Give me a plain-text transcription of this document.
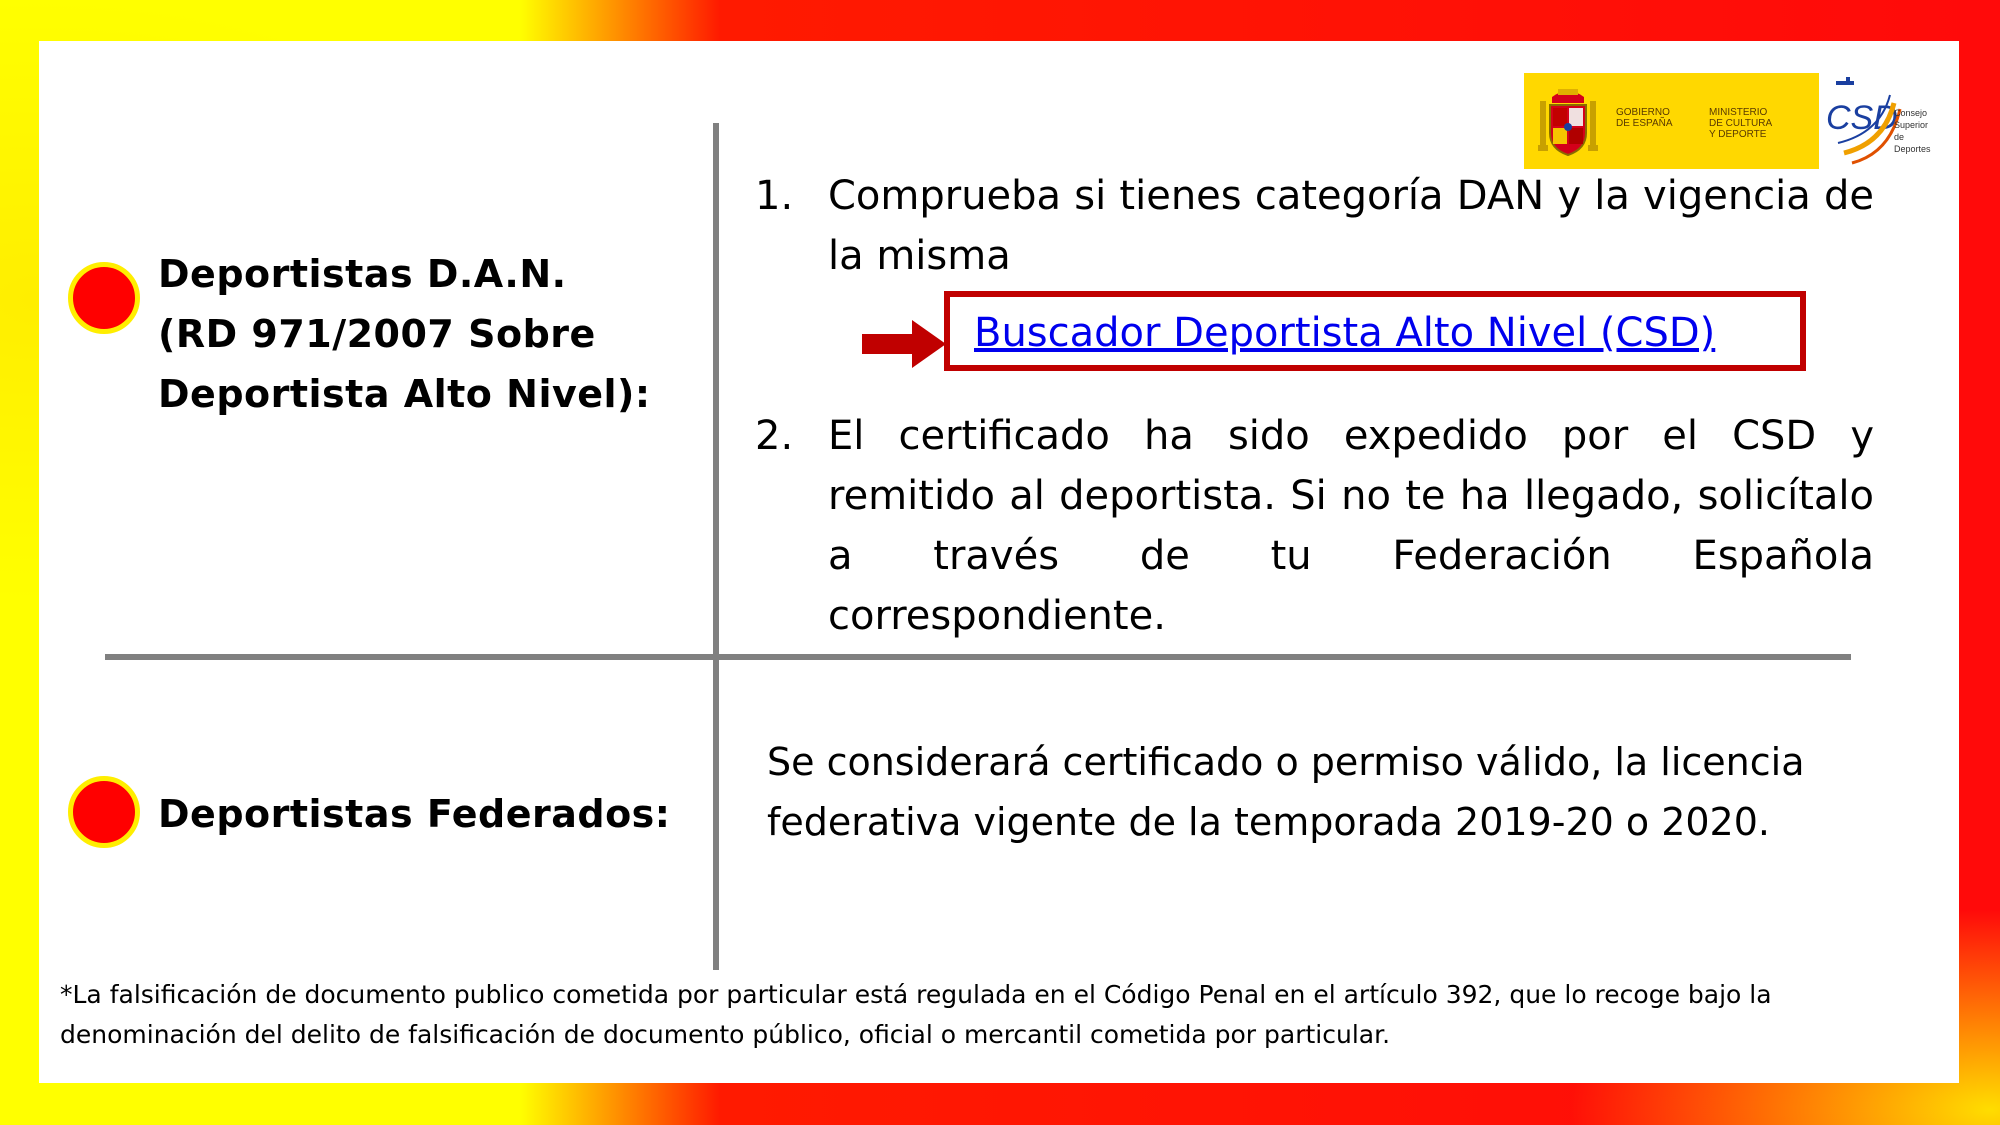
GOBIERNO
DE ESPAÑA
MINISTERIO
DE CULTURA
Y DEPORTE	CSD
Consejo
Superior de
Deportes
Deportistas D.A.N.
(RD 971/2007 Sobre
Deportista Alto Nivel):
1. Comprueba si tienes categoría DAN y la vigencia de la misma
Buscador Deportista Alto Nivel (CSD)
2. El certificado ha sido expedido por el CSD y remitido al deportista. Si no te ha llegado, solicítalo a través de tu Federación Española correspondiente.
Deportistas Federados:
Se considerará certificado o permiso válido, la licencia
federativa vigente de la temporada 2019-20 o 2020.
*La falsificación de documento publico cometida por particular está regulada en el Código Penal en el artículo 392, que lo recoge bajo la
denominación del delito de falsificación de documento público, oficial o mercantil cometida por particular.
